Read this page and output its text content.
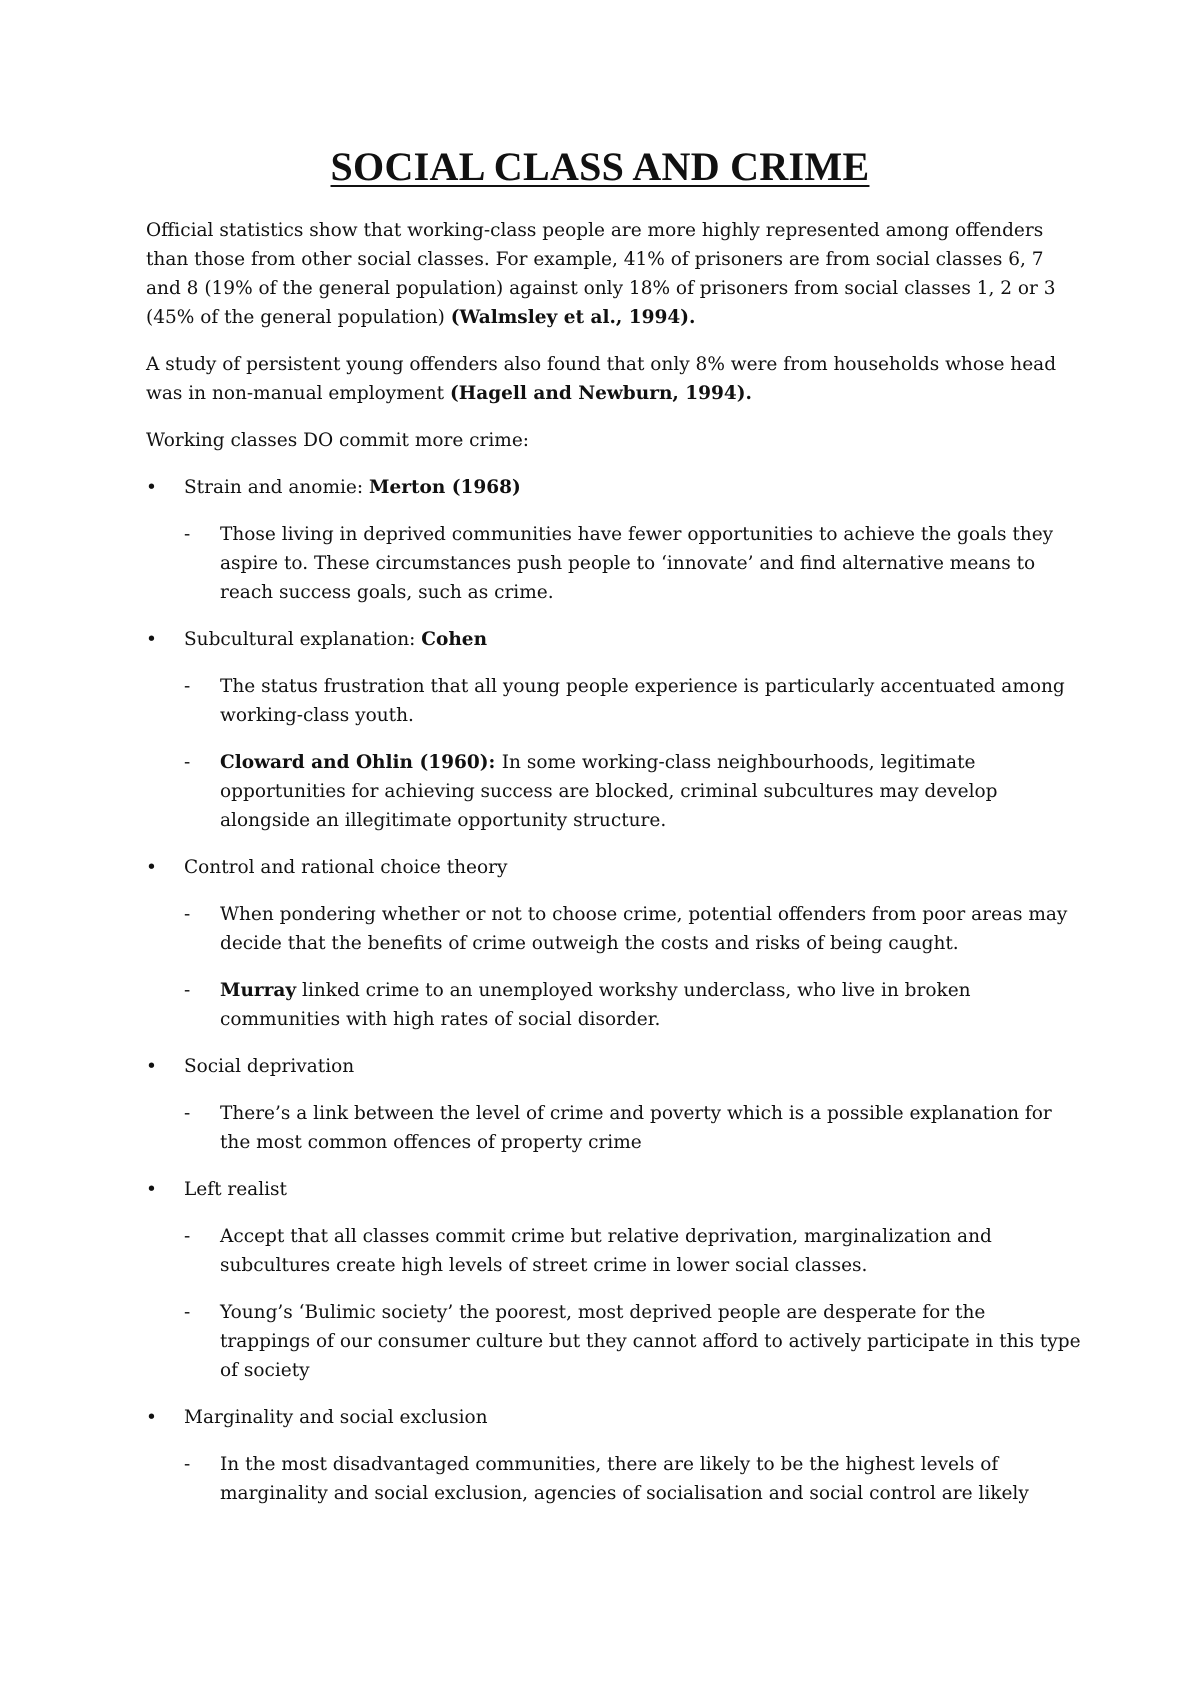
SOCIAL CLASS AND CRIME

Official statistics show that working-class people are more highly represented among offenders than those from other social classes. For example, 41% of prisoners are from social classes 6, 7 and 8 (19% of the general population) against only 18% of prisoners from social classes 1, 2 or 3 (45% of the general population) (Walmsley et al., 1994).

A study of persistent young offenders also found that only 8% were from households whose head was in non-manual employment (Hagell and Newburn, 1994).

Working classes DO commit more crime:

•	Strain and anomie: Merton (1968)
-	Those living in deprived communities have fewer opportunities to achieve the goals they aspire to. These circumstances push people to ‘innovate’ and find alternative means to reach success goals, such as crime.
•	Subcultural explanation: Cohen
-	The status frustration that all young people experience is particularly accentuated among working-class youth.
-	Cloward and Ohlin (1960): In some working-class neighbourhoods, legitimate opportunities for achieving success are blocked, criminal subcultures may develop alongside an illegitimate opportunity structure.
•	Control and rational choice theory
-	When pondering whether or not to choose crime, potential offenders from poor areas may decide that the benefits of crime outweigh the costs and risks of being caught.
-	Murray linked crime to an unemployed workshy underclass, who live in broken communities with high rates of social disorder.
•	Social deprivation
-	There’s a link between the level of crime and poverty which is a possible explanation for the most common offences of property crime
•	Left realist
-	Accept that all classes commit crime but relative deprivation, marginalization and subcultures create high levels of street crime in lower social classes.
-	Young’s ‘Bulimic society’ the poorest, most deprived people are desperate for the trappings of our consumer culture but they cannot afford to actively participate in this type of society
•	Marginality and social exclusion
-	In the most disadvantaged communities, there are likely to be the highest levels of marginality and social exclusion, agencies of socialisation and social control are likely
